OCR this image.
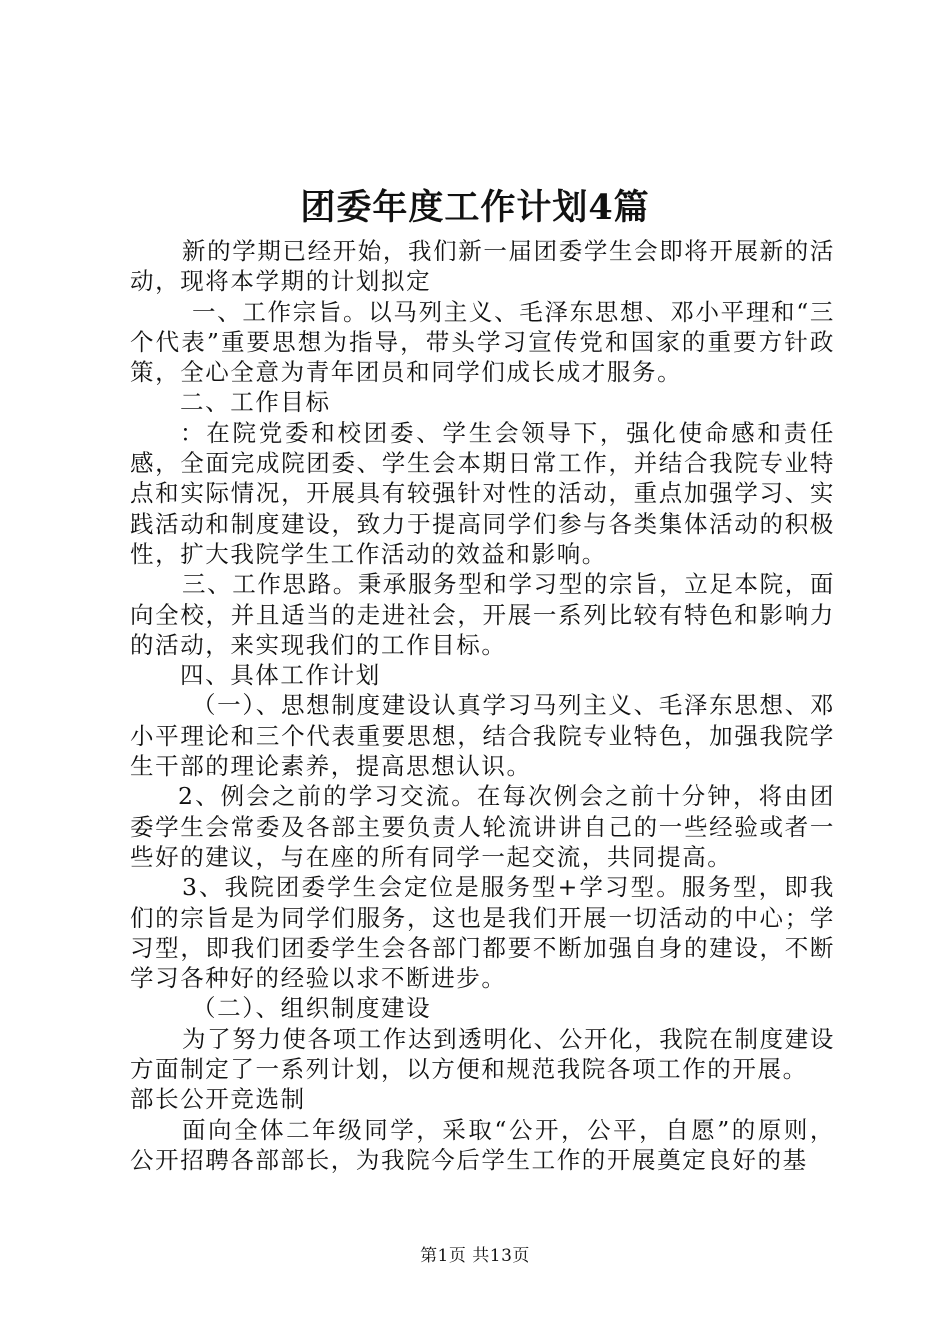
团委年度工作计划4篇

新的学期已经开始，我们新一届团委学生会即将开展新的活动，现将本学期的计划拟定

一、工作宗旨。以马列主义、毛泽东思想、邓小平理和“三个代表”重要思想为指导，带头学习宣传党和国家的重要方针政策，全心全意为青年团员和同学们成长成才服务。

二、工作目标

：在院党委和校团委、学生会领导下，强化使命感和责任感，全面完成院团委、学生会本期日常工作，并结合我院专业特点和实际情况，开展具有较强针对性的活动，重点加强学习、实践活动和制度建设，致力于提高同学们参与各类集体活动的积极性，扩大我院学生工作活动的效益和影响。

三、工作思路。秉承服务型和学习型的宗旨，立足本院，面向全校，并且适当的走进社会，开展一系列比较有特色和影响力的活动，来实现我们的工作目标。

四、具体工作计划

（一）、思想制度建设认真学习马列主义、毛泽东思想、邓小平理论和三个代表重要思想，结合我院专业特色，加强我院学生干部的理论素养，提高思想认识。

2、例会之前的学习交流。在每次例会之前十分钟，将由团委学生会常委及各部主要负责人轮流讲讲自己的一些经验或者一些好的建议，与在座的所有同学一起交流，共同提高。

3、我院团委学生会定位是服务型+学习型。服务型，即我们的宗旨是为同学们服务，这也是我们开展一切活动的中心；学习型，即我们团委学生会各部门都要不断加强自身的建设，不断学习各种好的经验以求不断进步。

（二）、组织制度建设

为了努力使各项工作达到透明化、公开化，我院在制度建设方面制定了一系列计划，以方便和规范我院各项工作的开展。

部长公开竞选制

面向全体二年级同学，采取“公开，公平，自愿”的原则，公开招聘各部部长，为我院今后学生工作的开展奠定良好的基

第1页 共13页
